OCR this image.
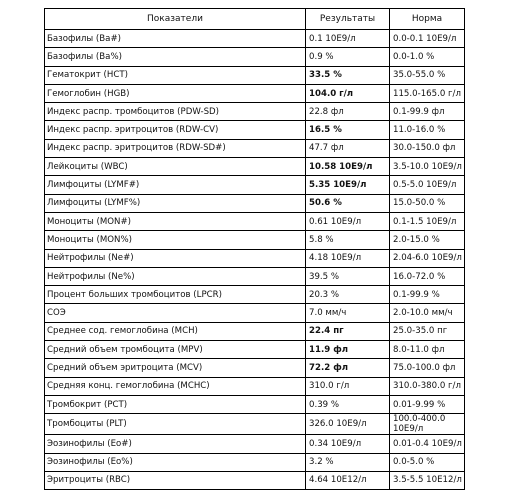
Показатели	Результаты	Норма
Базофилы (Ba#)	0.1 10E9/л	0.0-0.1 10E9/л
Базофилы (Ba%)	0.9 %	0.0-1.0 %
Гематокрит (HCT)	33.5 %	35.0-55.0 %
Гемоглобин (HGB)	104.0 г/л	115.0-165.0 г/л
Индекс распр. тромбоцитов (PDW-SD)	22.8 фл	0.1-99.9 фл
Индекс распр. эритроцитов (RDW-CV)	16.5 %	11.0-16.0 %
Индекс распр. эритроцитов (RDW-SD#)	47.7 фл	30.0-150.0 фл
Лейкоциты (WBC)	10.58 10E9/л	3.5-10.0 10E9/л
Лимфоциты (LYMF#)	5.35 10E9/л	0.5-5.0 10E9/л
Лимфоциты (LYMF%)	50.6 %	15.0-50.0 %
Моноциты (MON#)	0.61 10E9/л	0.1-1.5 10E9/л
Моноциты (MON%)	5.8 %	2.0-15.0 %
Нейтрофилы (Ne#)	4.18 10E9/л	2.04-6.0 10E9/л
Нейтрофилы (Ne%)	39.5 %	16.0-72.0 %
Процент больших тромбоцитов (LPCR)	20.3 %	0.1-99.9 %
СОЭ	7.0 мм/ч	2.0-10.0 мм/ч
Среднее сод. гемоглобина (MCH)	22.4 пг	25.0-35.0 пг
Средний объем тромбоцита (MPV)	11.9 фл	8.0-11.0 фл
Средний объем эритроцита (MCV)	72.2 фл	75.0-100.0 фл
Средняя конц. гемоглобина (MCHC)	310.0 г/л	310.0-380.0 г/л
Тромбокрит (PCT)	0.39 %	0.01-9.99 %
Тромбоциты (PLT)	326.0 10E9/л	100.0-400.0 10E9/л
Эозинофилы (Eo#)	0.34 10E9/л	0.01-0.4 10E9/л
Эозинофилы (Eo%)	3.2 %	0.0-5.0 %
Эритроциты (RBC)	4.64 10E12/л	3.5-5.5 10E12/л
